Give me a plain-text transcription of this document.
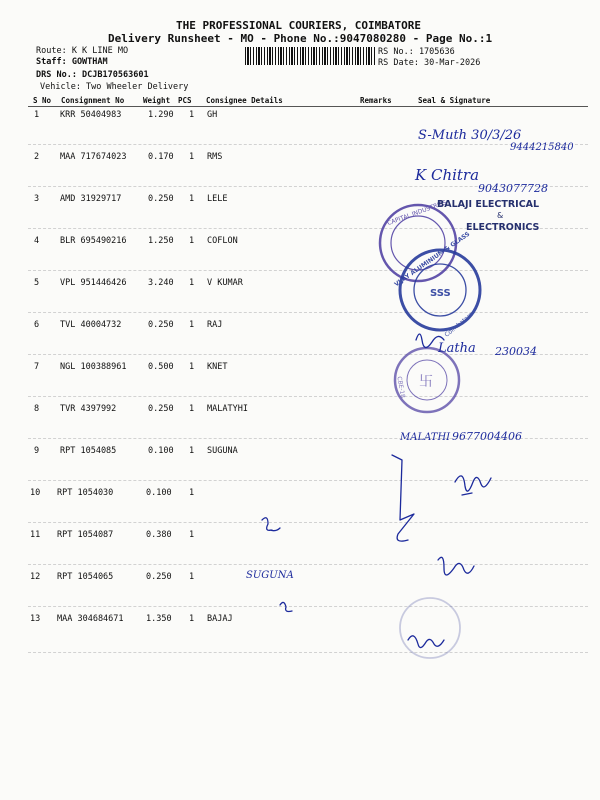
THE PROFESSIONAL COURIERS, COIMBATORE
Delivery Runsheet - MO - Phone No.:9047080280 - Page No.:1
Route: K K LINE MO
Staff: GOWTHAM
DRS No.: DCJB170563601
Vehicle: Two Wheeler Delivery
RS No.: 1705636
RS Date: 30-Mar-2026
S No Consignment No	Weight PCS Consignee Details	Remarks	Seal & Signature
1 KRR 50404983	1.290 1 GH
2 MAA 717674023	0.170 1 RMS
3 AMD 31929717	0.250 1 LELE
4 BLR 695490216	1.250 1 COFLON
5 VPL 951446426	3.240 1 V KUMAR
6 TVL 40004732	0.250 1 RAJ
7 NGL 100388961	0.500 1 KNET
8 TVR 4397992	0.250 1 MALATYHI
9 RPT 1054085	0.100 1 SUGUNA
10 RPT 1054030	0.100 1
11 RPT 1054087	0.380 1
12 RPT 1054065	0.250 1
13 MAA 304684671	1.350 1 BAJAJ
CAPITAL INDUSTRIES
VIJAY ALUMINIUM & GLASS
Coimbatore
SSS
卐
CBE-18
BALAJI ELECTRICAL
&
ELECTRONICS
S-Muth 30/3/26
9444215840
K Chitra
9043077728
Latha 230034
MALATHI 9677004406
SUGUNA
